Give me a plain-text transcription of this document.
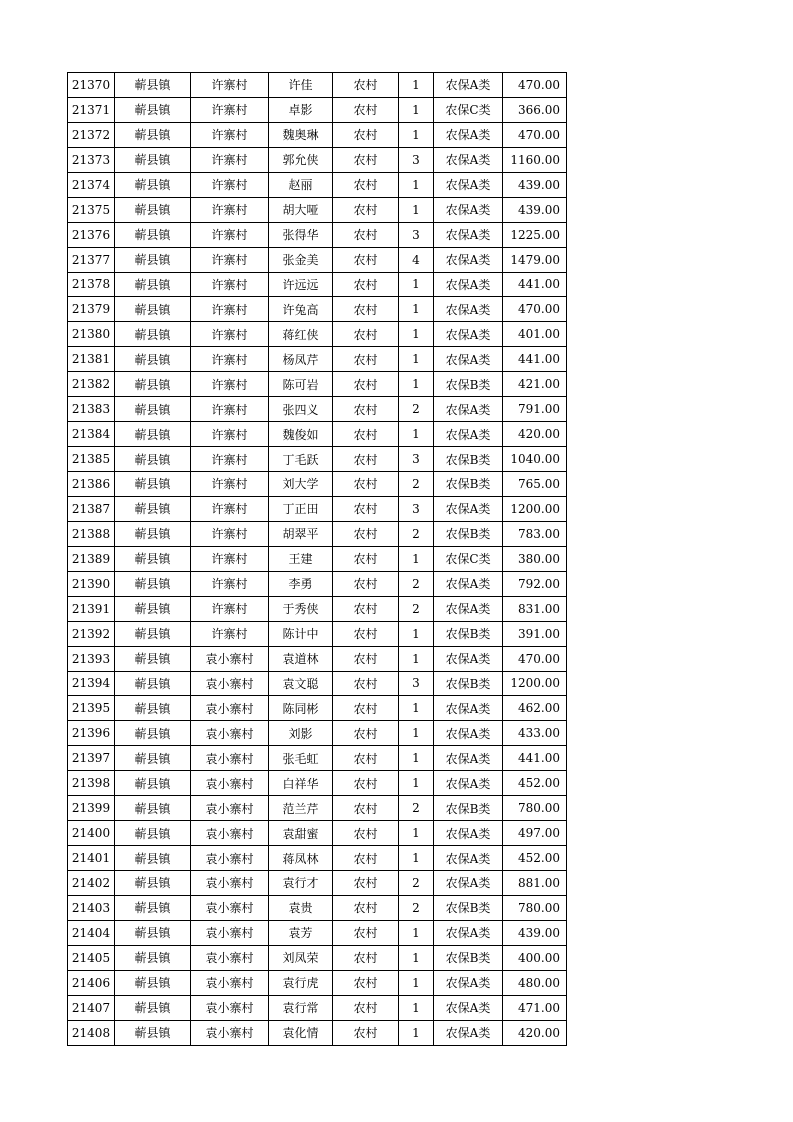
21370	蕲县镇	许寨村	许佳	农村	1	农保A类	470.00
21371	蕲县镇	许寨村	卓影	农村	1	农保C类	366.00
21372	蕲县镇	许寨村	魏奥琳	农村	1	农保A类	470.00
21373	蕲县镇	许寨村	郭允侠	农村	3	农保A类	1160.00
21374	蕲县镇	许寨村	赵丽	农村	1	农保A类	439.00
21375	蕲县镇	许寨村	胡大哑	农村	1	农保A类	439.00
21376	蕲县镇	许寨村	张得华	农村	3	农保A类	1225.00
21377	蕲县镇	许寨村	张金美	农村	4	农保A类	1479.00
21378	蕲县镇	许寨村	许远远	农村	1	农保A类	441.00
21379	蕲县镇	许寨村	许兔高	农村	1	农保A类	470.00
21380	蕲县镇	许寨村	蒋红侠	农村	1	农保A类	401.00
21381	蕲县镇	许寨村	杨凤芹	农村	1	农保A类	441.00
21382	蕲县镇	许寨村	陈可岩	农村	1	农保B类	421.00
21383	蕲县镇	许寨村	张四义	农村	2	农保A类	791.00
21384	蕲县镇	许寨村	魏俊如	农村	1	农保A类	420.00
21385	蕲县镇	许寨村	丁毛跃	农村	3	农保B类	1040.00
21386	蕲县镇	许寨村	刘大学	农村	2	农保B类	765.00
21387	蕲县镇	许寨村	丁正田	农村	3	农保A类	1200.00
21388	蕲县镇	许寨村	胡翠平	农村	2	农保B类	783.00
21389	蕲县镇	许寨村	王建	农村	1	农保C类	380.00
21390	蕲县镇	许寨村	李勇	农村	2	农保A类	792.00
21391	蕲县镇	许寨村	于秀侠	农村	2	农保A类	831.00
21392	蕲县镇	许寨村	陈计中	农村	1	农保B类	391.00
21393	蕲县镇	袁小寨村	袁道林	农村	1	农保A类	470.00
21394	蕲县镇	袁小寨村	袁文聪	农村	3	农保B类	1200.00
21395	蕲县镇	袁小寨村	陈同彬	农村	1	农保A类	462.00
21396	蕲县镇	袁小寨村	刘影	农村	1	农保A类	433.00
21397	蕲县镇	袁小寨村	张毛虹	农村	1	农保A类	441.00
21398	蕲县镇	袁小寨村	白祥华	农村	1	农保A类	452.00
21399	蕲县镇	袁小寨村	范兰芹	农村	2	农保B类	780.00
21400	蕲县镇	袁小寨村	袁甜蜜	农村	1	农保A类	497.00
21401	蕲县镇	袁小寨村	蒋凤林	农村	1	农保A类	452.00
21402	蕲县镇	袁小寨村	袁行才	农村	2	农保A类	881.00
21403	蕲县镇	袁小寨村	袁贵	农村	2	农保B类	780.00
21404	蕲县镇	袁小寨村	袁芳	农村	1	农保A类	439.00
21405	蕲县镇	袁小寨村	刘凤荣	农村	1	农保B类	400.00
21406	蕲县镇	袁小寨村	袁行虎	农村	1	农保A类	480.00
21407	蕲县镇	袁小寨村	袁行常	农村	1	农保A类	471.00
21408	蕲县镇	袁小寨村	袁化情	农村	1	农保A类	420.00
